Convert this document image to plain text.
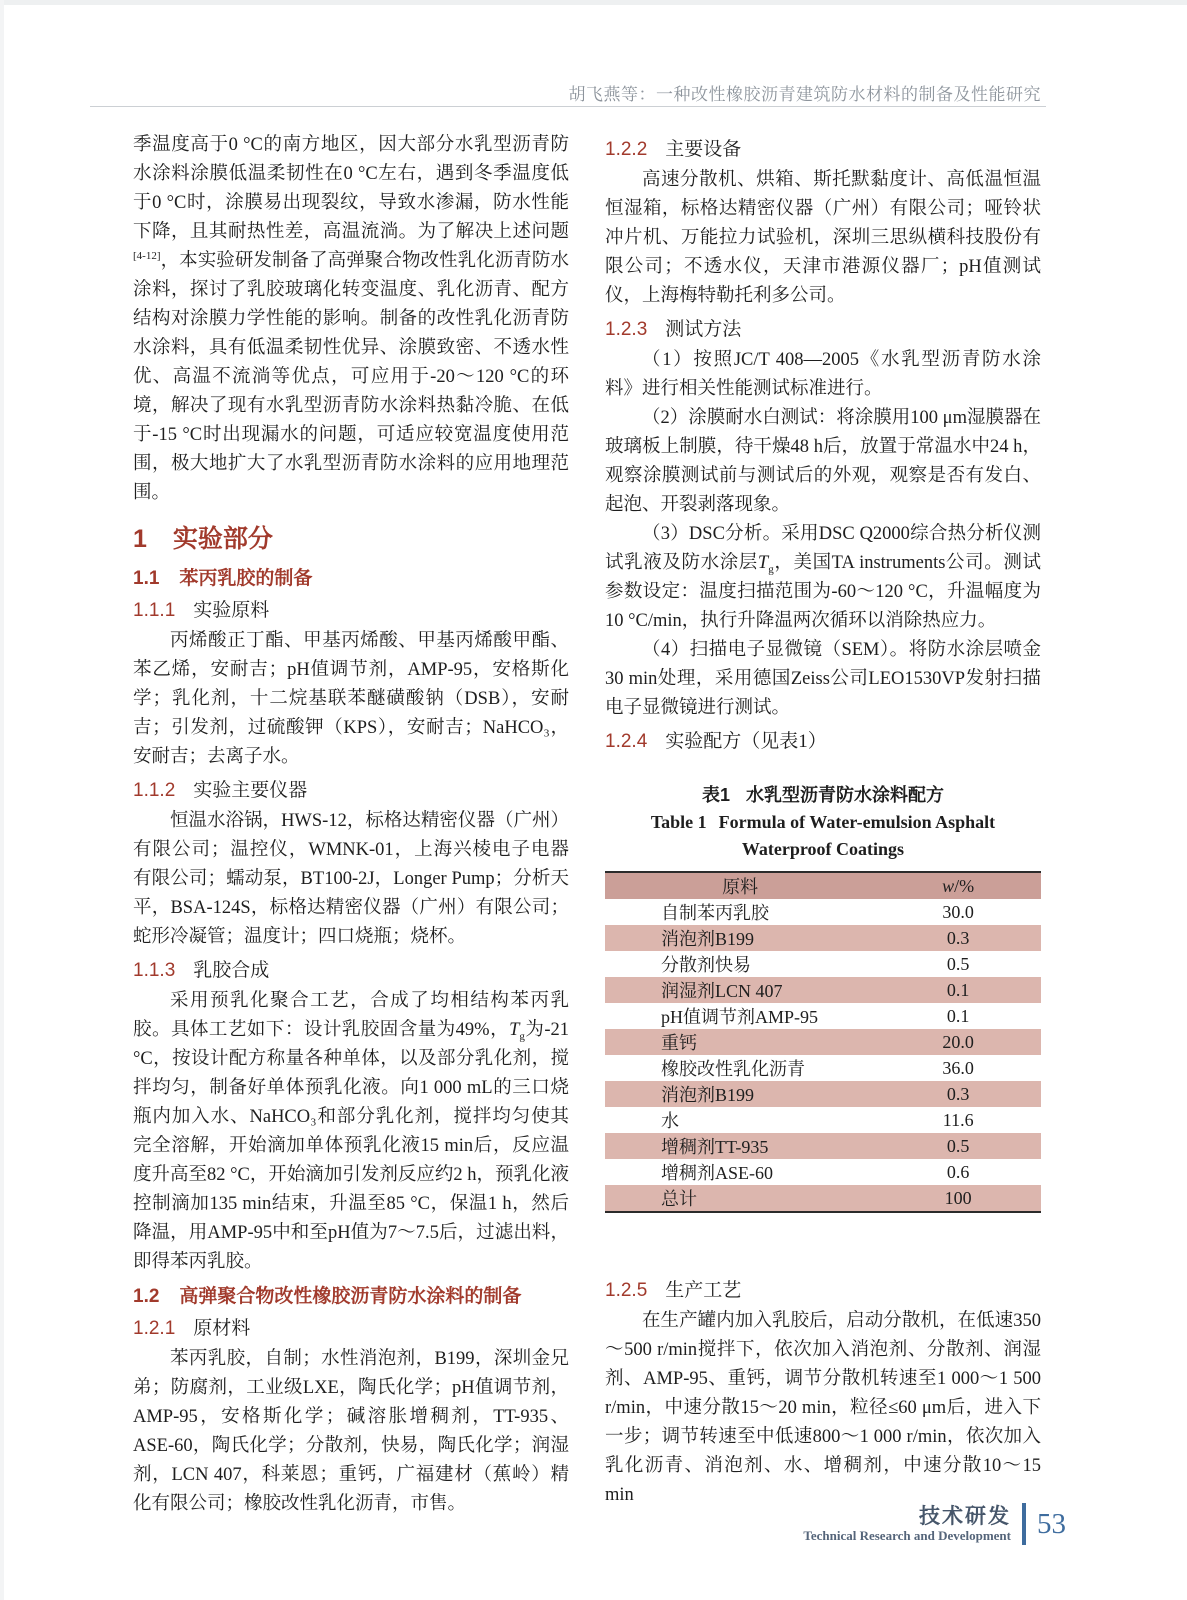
胡飞燕等：一种改性橡胶沥青建筑防水材料的制备及性能研究

季温度高于0 °C的南方地区，因大部分水乳型沥青防水涂料涂膜低温柔韧性在0 °C左右，遇到冬季温度低于0 °C时，涂膜易出现裂纹，导致水渗漏，防水性能下降，且其耐热性差，高温流淌。为了解决上述问题[4-12]，本实验研发制备了高弹聚合物改性乳化沥青防水涂料，探讨了乳胶玻璃化转变温度、乳化沥青、配方结构对涂膜力学性能的影响。制备的改性乳化沥青防水涂料，具有低温柔韧性优异、涂膜致密、不透水性优、高温不流淌等优点，可应用于-20～120 °C的环境，解决了现有水乳型沥青防水涂料热黏冷脆、在低于-15 °C时出现漏水的问题，可适应较宽温度使用范围，极大地扩大了水乳型沥青防水涂料的应用地理范围。

1 实验部分
1.1 苯丙乳胶的制备
1.1.1 实验原料

丙烯酸正丁酯、甲基丙烯酸、甲基丙烯酸甲酯、苯乙烯，安耐吉；pH值调节剂，AMP-95，安格斯化学；乳化剂，十二烷基联苯醚磺酸钠（DSB），安耐吉；引发剂，过硫酸钾（KPS），安耐吉；NaHCO₃，安耐吉；去离子水。

1.1.2 实验主要仪器

恒温水浴锅，HWS-12，标格达精密仪器（广州）有限公司；温控仪，WMNK-01，上海兴棱电子电器有限公司；蠕动泵，BT100-2J，Longer Pump；分析天平，BSA-124S，标格达精密仪器（广州）有限公司；蛇形冷凝管；温度计；四口烧瓶；烧杯。

1.1.3 乳胶合成

采用预乳化聚合工艺，合成了均相结构苯丙乳胶。具体工艺如下：设计乳胶固含量为49%，$T_g$为-21 °C，按设计配方称量各种单体，以及部分乳化剂，搅拌均匀，制备好单体预乳化液。向1 000 mL的三口烧瓶内加入水、NaHCO₃和部分乳化剂，搅拌均匀使其完全溶解，开始滴加单体预乳化液15 min后，反应温度升高至82 °C，开始滴加引发剂反应约2 h，预乳化液控制滴加135 min结束，升温至85 °C，保温1 h，然后降温，用AMP-95中和至pH值为7～7.5后，过滤出料，即得苯丙乳胶。

1.2 高弹聚合物改性橡胶沥青防水涂料的制备
1.2.1 原材料

苯丙乳胶，自制；水性消泡剂，B199，深圳金兄弟；防腐剂，工业级LXE，陶氏化学；pH值调节剂，AMP-95，安格斯化学；碱溶胀增稠剂，TT-935、ASE-60，陶氏化学；分散剂，快易，陶氏化学；润湿剂，LCN 407，科莱恩；重钙，广福建材（蕉岭）精化有限公司；橡胶改性乳化沥青，市售。

1.2.2 主要设备

高速分散机、烘箱、斯托默黏度计、高低温恒温恒湿箱，标格达精密仪器（广州）有限公司；哑铃状冲片机、万能拉力试验机，深圳三思纵横科技股份有限公司；不透水仪，天津市港源仪器厂；pH值测试仪，上海梅特勒托利多公司。

1.2.3 测试方法

（1）按照JC/T 408—2005《水乳型沥青防水涂料》进行相关性能测试标准进行。

（2）涂膜耐水白测试：将涂膜用100 μm湿膜器在玻璃板上制膜，待干燥48 h后，放置于常温水中24 h，观察涂膜测试前与测试后的外观，观察是否有发白、起泡、开裂剥落现象。

（3）DSC分析。采用DSC Q2000综合热分析仪测试乳液及防水涂层$T_g$，美国TA instruments公司。测试参数设定：温度扫描范围为-60～120 °C，升温幅度为10 °C/min，执行升降温两次循环以消除热应力。

（4）扫描电子显微镜（SEM）。将防水涂层喷金30 min处理，采用德国Zeiss公司LEO1530VP发射扫描电子显微镜进行测试。

1.2.4 实验配方（见表1）
表1 水乳型沥青防水涂料配方
Table 1 Formula of Water-emulsion Asphalt Waterproof Coatings
原料	w/%
自制苯丙乳胶	30.0
消泡剂B199	0.3
分散剂快易	0.5
润湿剂LCN 407	0.1
pH值调节剂AMP-95	0.1
重钙	20.0
橡胶改性乳化沥青	36.0
消泡剂B199	0.3
水	11.6
增稠剂TT-935	0.5
增稠剂ASE-60	0.6
总计	100
1.2.5 生产工艺

在生产罐内加入乳胶后，启动分散机，在低速350～500 r/min搅拌下，依次加入消泡剂、分散剂、润湿剂、AMP-95、重钙，调节分散机转速至1 000～1 500 r/min，中速分散15～20 min，粒径≤60 μm后，进入下一步；调节转速至中低速800～1 000 r/min，依次加入乳化沥青、消泡剂、水、增稠剂，中速分散10～15 min

技术研发
Technical Research and Development 53
